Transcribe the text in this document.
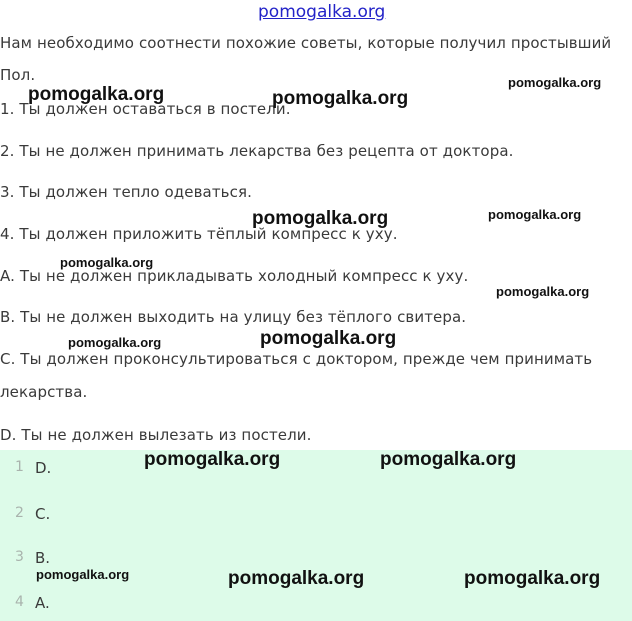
pomogalka.org
Нам необходимо соотнести похожие советы, которые получил простывший
Пол.
1. Ты должен оставаться в постели.
2. Ты не должен принимать лекарства без рецепта от доктора.
3. Ты должен тепло одеваться.
4. Ты должен приложить тёплый компресс к уху.
A. Ты не должен прикладывать холодный компресс к уху.
B. Ты не должен выходить на улицу без тёплого свитера.
C. Ты должен проконсультироваться с доктором, прежде чем принимать
лекарства.
D. Ты не должен вылезать из постели.
1 D.
2 C.
3 B.
4 A.
pomogalka.org	pomogalka.org
pomogalka.org
pomogalka.org	pomogalka.org
pomogalka.org
pomogalka.org
pomogalka.org	pomogalka.org
pomogalka.org	pomogalka.org
pomogalka.org	pomogalka.org	pomogalka.org
